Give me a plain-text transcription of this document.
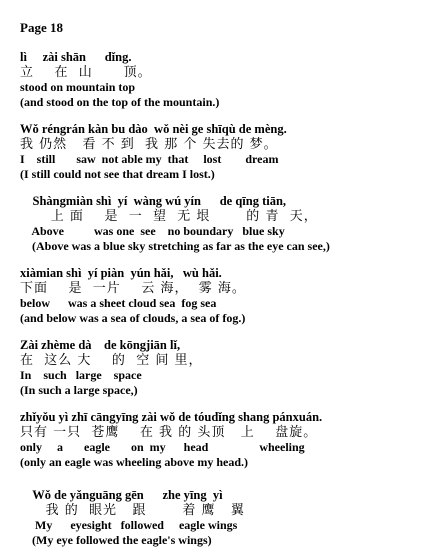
Page 18
lì     zài shān      dǐng.
立    在  山      顶。
stood on mountain top
(and stood on the top of the mountain.)
Wǒ réngrán kàn bu dào  wǒ nèi ge shīqù de mèng.
我 仍然   看 不 到  我 那 个 失去的 梦。
I    still       saw  not able my  that     lost        dream
(I still could not see that dream I lost.)
Shàngmiàn shì  yí  wàng wú yín      de qīng tiān,
上 面    是  一  望  无 垠       的 青  天，
Above          was one  see    no boundary   blue sky
(Above was a blue sky stretching as far as the eye can see,)
xiàmian shì  yí piàn  yún hǎi,   wù hǎi.
下面    是  一片    云 海，  雾 海。
below      was a sheet cloud sea  fog sea
(and below was a sea of clouds, a sea of fog.)
Zài zhème dà    de kōngjiān lǐ,
在  这么 大    的  空 间 里，
In    such   large    space
(In such a large space,)
zhǐyǒu yì zhī cāngyīng zài wǒ de tóudǐng shang pánxuán.
只有 一只  苍鹰    在 我 的 头顶   上    盘旋。
only     a       eagle       on  my      head                 wheeling
(only an eagle was wheeling above my head.)
Wǒ de yǎnguāng gēn      zhe yīng  yì
我 的  眼光   跟       着 鹰   翼
My      eyesight   followed     eagle wings
(My eye followed the eagle's wings)
